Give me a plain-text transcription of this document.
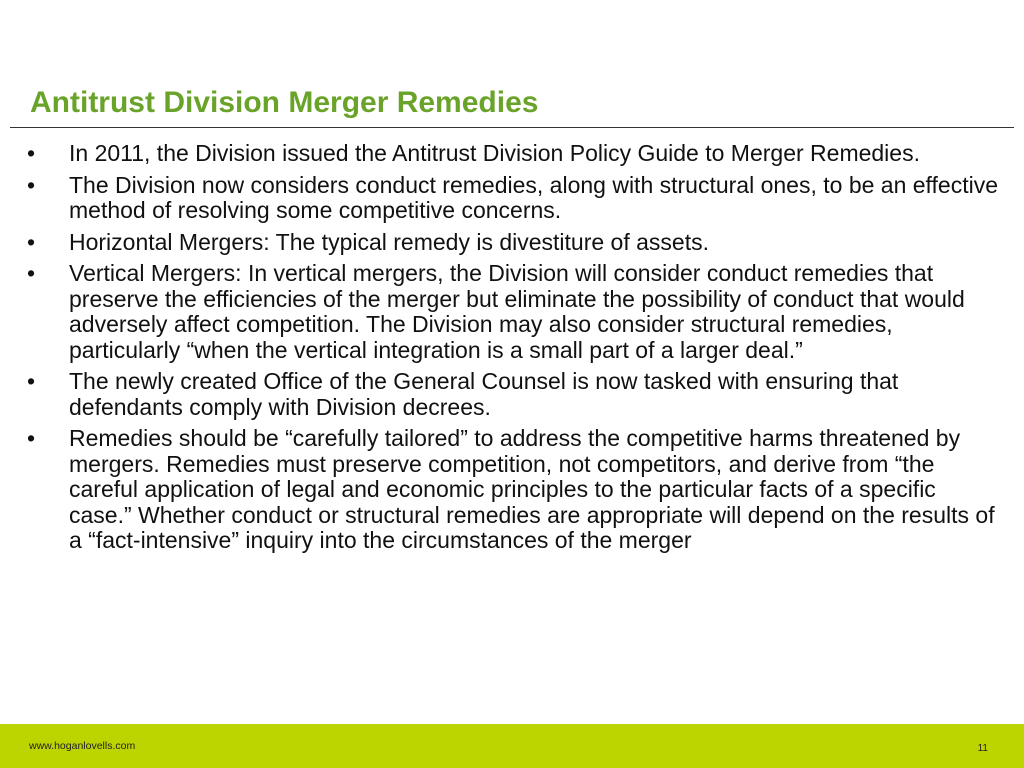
Antitrust Division Merger Remedies
•	In 2011, the Division issued the Antitrust Division Policy Guide to Merger Remedies.
•	The Division now considers conduct remedies, along with structural ones, to be an effective method of resolving some competitive concerns.
•	Horizontal Mergers: The typical remedy is divestiture of assets.
•	Vertical Mergers: In vertical mergers, the Division will consider conduct remedies that preserve the efficiencies of the merger but eliminate the possibility of conduct that would adversely affect competition. The Division may also consider structural remedies, particularly “when the vertical integration is a small part of a larger deal.”
•	The newly created Office of the General Counsel is now tasked with ensuring that defendants comply with Division decrees.
•	Remedies should be “carefully tailored” to address the competitive harms threatened by mergers. Remedies must preserve competition, not competitors, and derive from “the careful application of legal and economic principles to the particular facts of a specific case.” Whether conduct or structural remedies are appropriate will depend on the results of a “fact-intensive” inquiry into the circumstances of the merger
www.hoganlovells.com	11
